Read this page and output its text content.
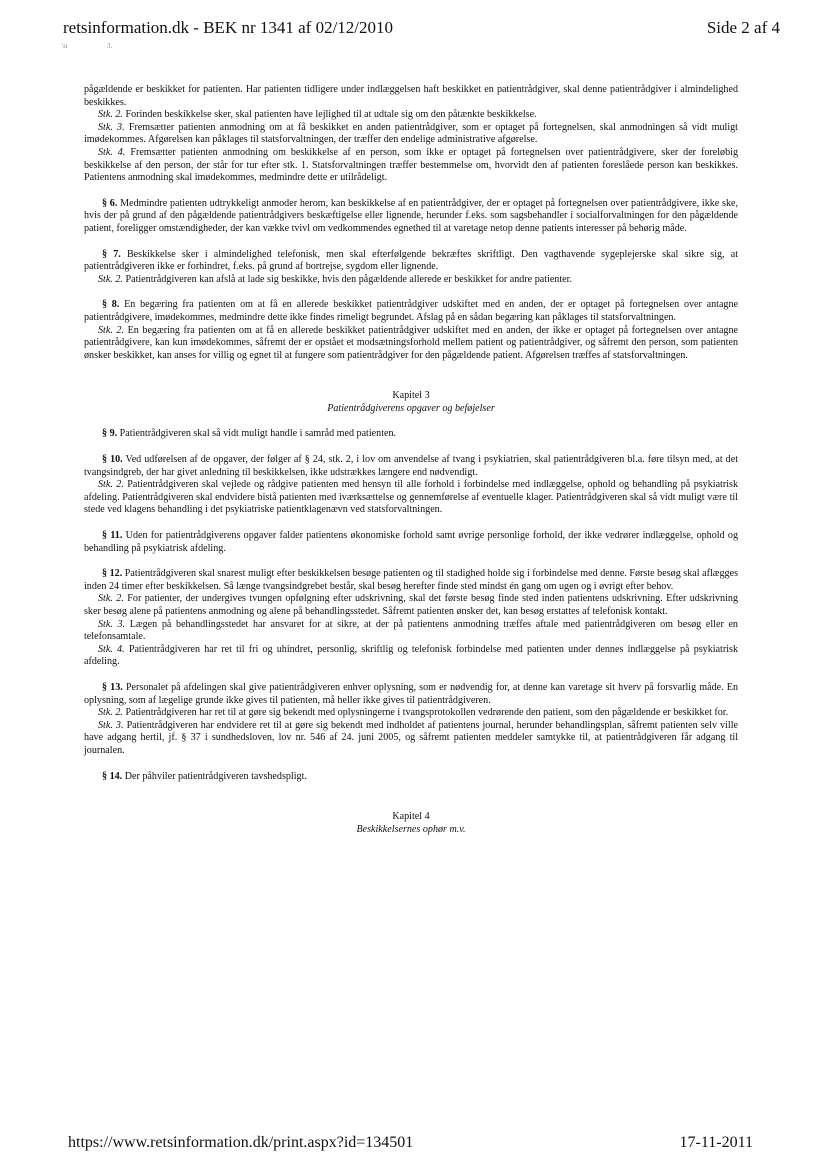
retsinformation.dk - BEK nr 1341 af 02/12/2010	Side 2 af 4
\u	3.

pågældende er beskikket for patienten. Har patienten tidligere under indlæggelsen haft beskikket en patientrådgiver, skal denne patientrådgiver i almindelighed beskikkes.

Stk. 2. Forinden beskikkelse sker, skal patienten have lejlighed til at udtale sig om den påtænkte beskikkelse.

Stk. 3. Fremsætter patienten anmodning om at få beskikket en anden patientrådgiver, som er optaget på fortegnelsen, skal anmodningen så vidt muligt imødekommes. Afgørelsen kan påklages til statsforvaltningen, der træffer den endelige administrative afgørelse.

Stk. 4. Fremsætter patienten anmodning om beskikkelse af en person, som ikke er optaget på fortegnelsen over patientrådgivere, sker der foreløbig beskikkelse af den person, der står for tur efter stk. 1. Statsforvaltningen træffer bestemmelse om, hvorvidt den af patienten foreslåede person kan beskikkes. Patientens anmodning skal imødekommes, medmindre dette er utilrådeligt.

§ 6. Medmindre patienten udtrykkeligt anmoder herom, kan beskikkelse af en patientrådgiver, der er optaget på fortegnelsen over patientrådgivere, ikke ske, hvis der på grund af den pågældende patientrådgivers beskæftigelse eller lignende, herunder f.eks. som sagsbehandler i socialforvaltningen for den pågældende patient, foreligger omstændigheder, der kan vække tvivl om vedkommendes egnethed til at varetage netop denne patients interesser på behørig måde.

§ 7. Beskikkelse sker i almindelighed telefonisk, men skal efterfølgende bekræftes skriftligt. Den vagthavende sygeplejerske skal sikre sig, at patientrådgiveren ikke er forhindret, f.eks. på grund af bortrejse, sygdom eller lignende.

Stk. 2. Patientrådgiveren kan afslå at lade sig beskikke, hvis den pågældende allerede er beskikket for andre patienter.

§ 8. En begæring fra patienten om at få en allerede beskikket patientrådgiver udskiftet med en anden, der er optaget på fortegnelsen over antagne patientrådgivere, imødekommes, medmindre dette ikke findes rimeligt begrundet. Afslag på en sådan begæring kan påklages til statsforvaltningen.

Stk. 2. En begæring fra patienten om at få en allerede beskikket patientrådgiver udskiftet med en anden, der ikke er optaget på fortegnelsen over antagne patientrådgivere, kan kun imødekommes, såfremt der er opstået et modsætningsforhold mellem patient og patientrådgiver, og såfremt den person, som patienten ønsker beskikket, kan anses for villig og egnet til at fungere som patientrådgiver for den pågældende patient. Afgørelsen træffes af statsforvaltningen.

Kapitel 3

Patientrådgiverens opgaver og beføjelser

§ 9. Patientrådgiveren skal så vidt muligt handle i samråd med patienten.

§ 10. Ved udførelsen af de opgaver, der følger af § 24, stk. 2, i lov om anvendelse af tvang i psykiatrien, skal patientrådgiveren bl.a. føre tilsyn med, at det tvangsindgreb, der har givet anledning til beskikkelsen, ikke udstrækkes længere end nødvendigt.

Stk. 2. Patientrådgiveren skal vejlede og rådgive patienten med hensyn til alle forhold i forbindelse med indlæggelse, ophold og behandling på psykiatrisk afdeling. Patientrådgiveren skal endvidere bistå patienten med iværksættelse og gennemførelse af eventuelle klager. Patientrådgiveren skal så vidt muligt være til stede ved klagens behandling i det psykiatriske patientklagenævn ved statsforvaltningen.

§ 11. Uden for patientrådgiverens opgaver falder patientens økonomiske forhold samt øvrige personlige forhold, der ikke vedrører indlæggelse, ophold og behandling på psykiatrisk afdeling.

§ 12. Patientrådgiveren skal snarest muligt efter beskikkelsen besøge patienten og til stadighed holde sig i forbindelse med denne. Første besøg skal aflægges inden 24 timer efter beskikkelsen. Så længe tvangsindgrebet består, skal besøg herefter finde sted mindst én gang om ugen og i øvrigt efter behov.

Stk. 2. For patienter, der undergives tvungen opfølgning efter udskrivning, skal det første besøg finde sted inden patientens udskrivning. Efter udskrivning sker besøg alene på patientens anmodning og alene på behandlingsstedet. Såfremt patienten ønsker det, kan besøg erstattes af telefonisk kontakt.

Stk. 3. Lægen på behandlingsstedet har ansvaret for at sikre, at der på patientens anmodning træffes aftale med patientrådgiveren om besøg eller en telefonsamtale.

Stk. 4. Patientrådgiveren har ret til fri og uhindret, personlig, skriftlig og telefonisk forbindelse med patienten under dennes indlæggelse på psykiatrisk afdeling.

§ 13. Personalet på afdelingen skal give patientrådgiveren enhver oplysning, som er nødvendig for, at denne kan varetage sit hverv på forsvarlig måde. En oplysning, som af lægelige grunde ikke gives til patienten, må heller ikke gives til patientrådgiveren.

Stk. 2. Patientrådgiveren har ret til at gøre sig bekendt med oplysningerne i tvangsprotokollen vedrørende den patient, som den pågældende er beskikket for.

Stk. 3. Patientrådgiveren har endvidere ret til at gøre sig bekendt med indholdet af patientens journal, herunder behandlingsplan, såfremt patienten selv ville have adgang hertil, jf. § 37 i sundhedsloven, lov nr. 546 af 24. juni 2005, og såfremt patienten meddeler samtykke til, at patientrådgiveren får adgang til journalen.

§ 14. Der påhviler patientrådgiveren tavshedspligt.

Kapitel 4

Beskikkelsernes ophør m.v.

https://www.retsinformation.dk/print.aspx?id=134501	17-11-2011
